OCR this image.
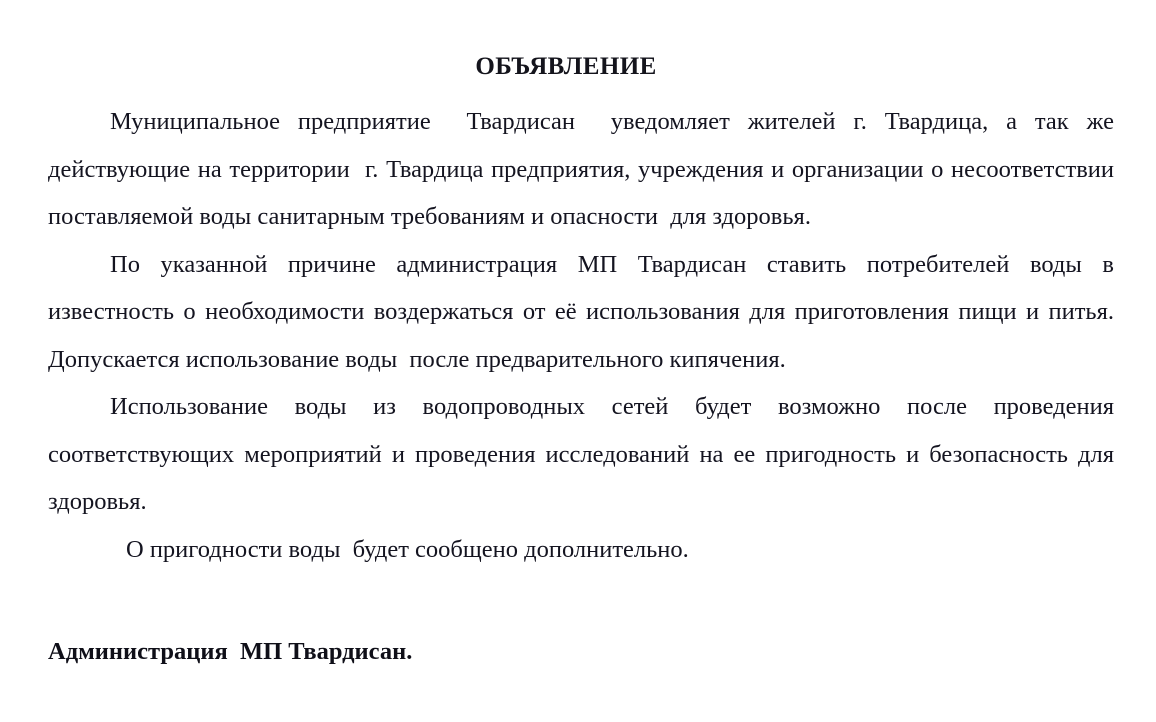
ОБЪЯВЛЕНИЕ

Муниципальное предприятие  Твардисан  уведомляет жителей г. Твардица, а так же действующие на территории  г. Твардица предприятия, учреждения и организации о несоответствии  поставляемой воды санитарным требованиям и опасности  для здоровья.

По указанной причине администрация МП Твардисан ставить потребителей воды в известность о необходимости воздержаться от её использования для приготовления пищи и питья. Допускается использование воды  после предварительного кипячения.

Использование воды из водопроводных сетей будет возможно после проведения соответствующих мероприятий и проведения исследований на ее пригодность и безопасность для здоровья.

О пригодности воды  будет сообщено дополнительно.

Администрация  МП Твардисан.
